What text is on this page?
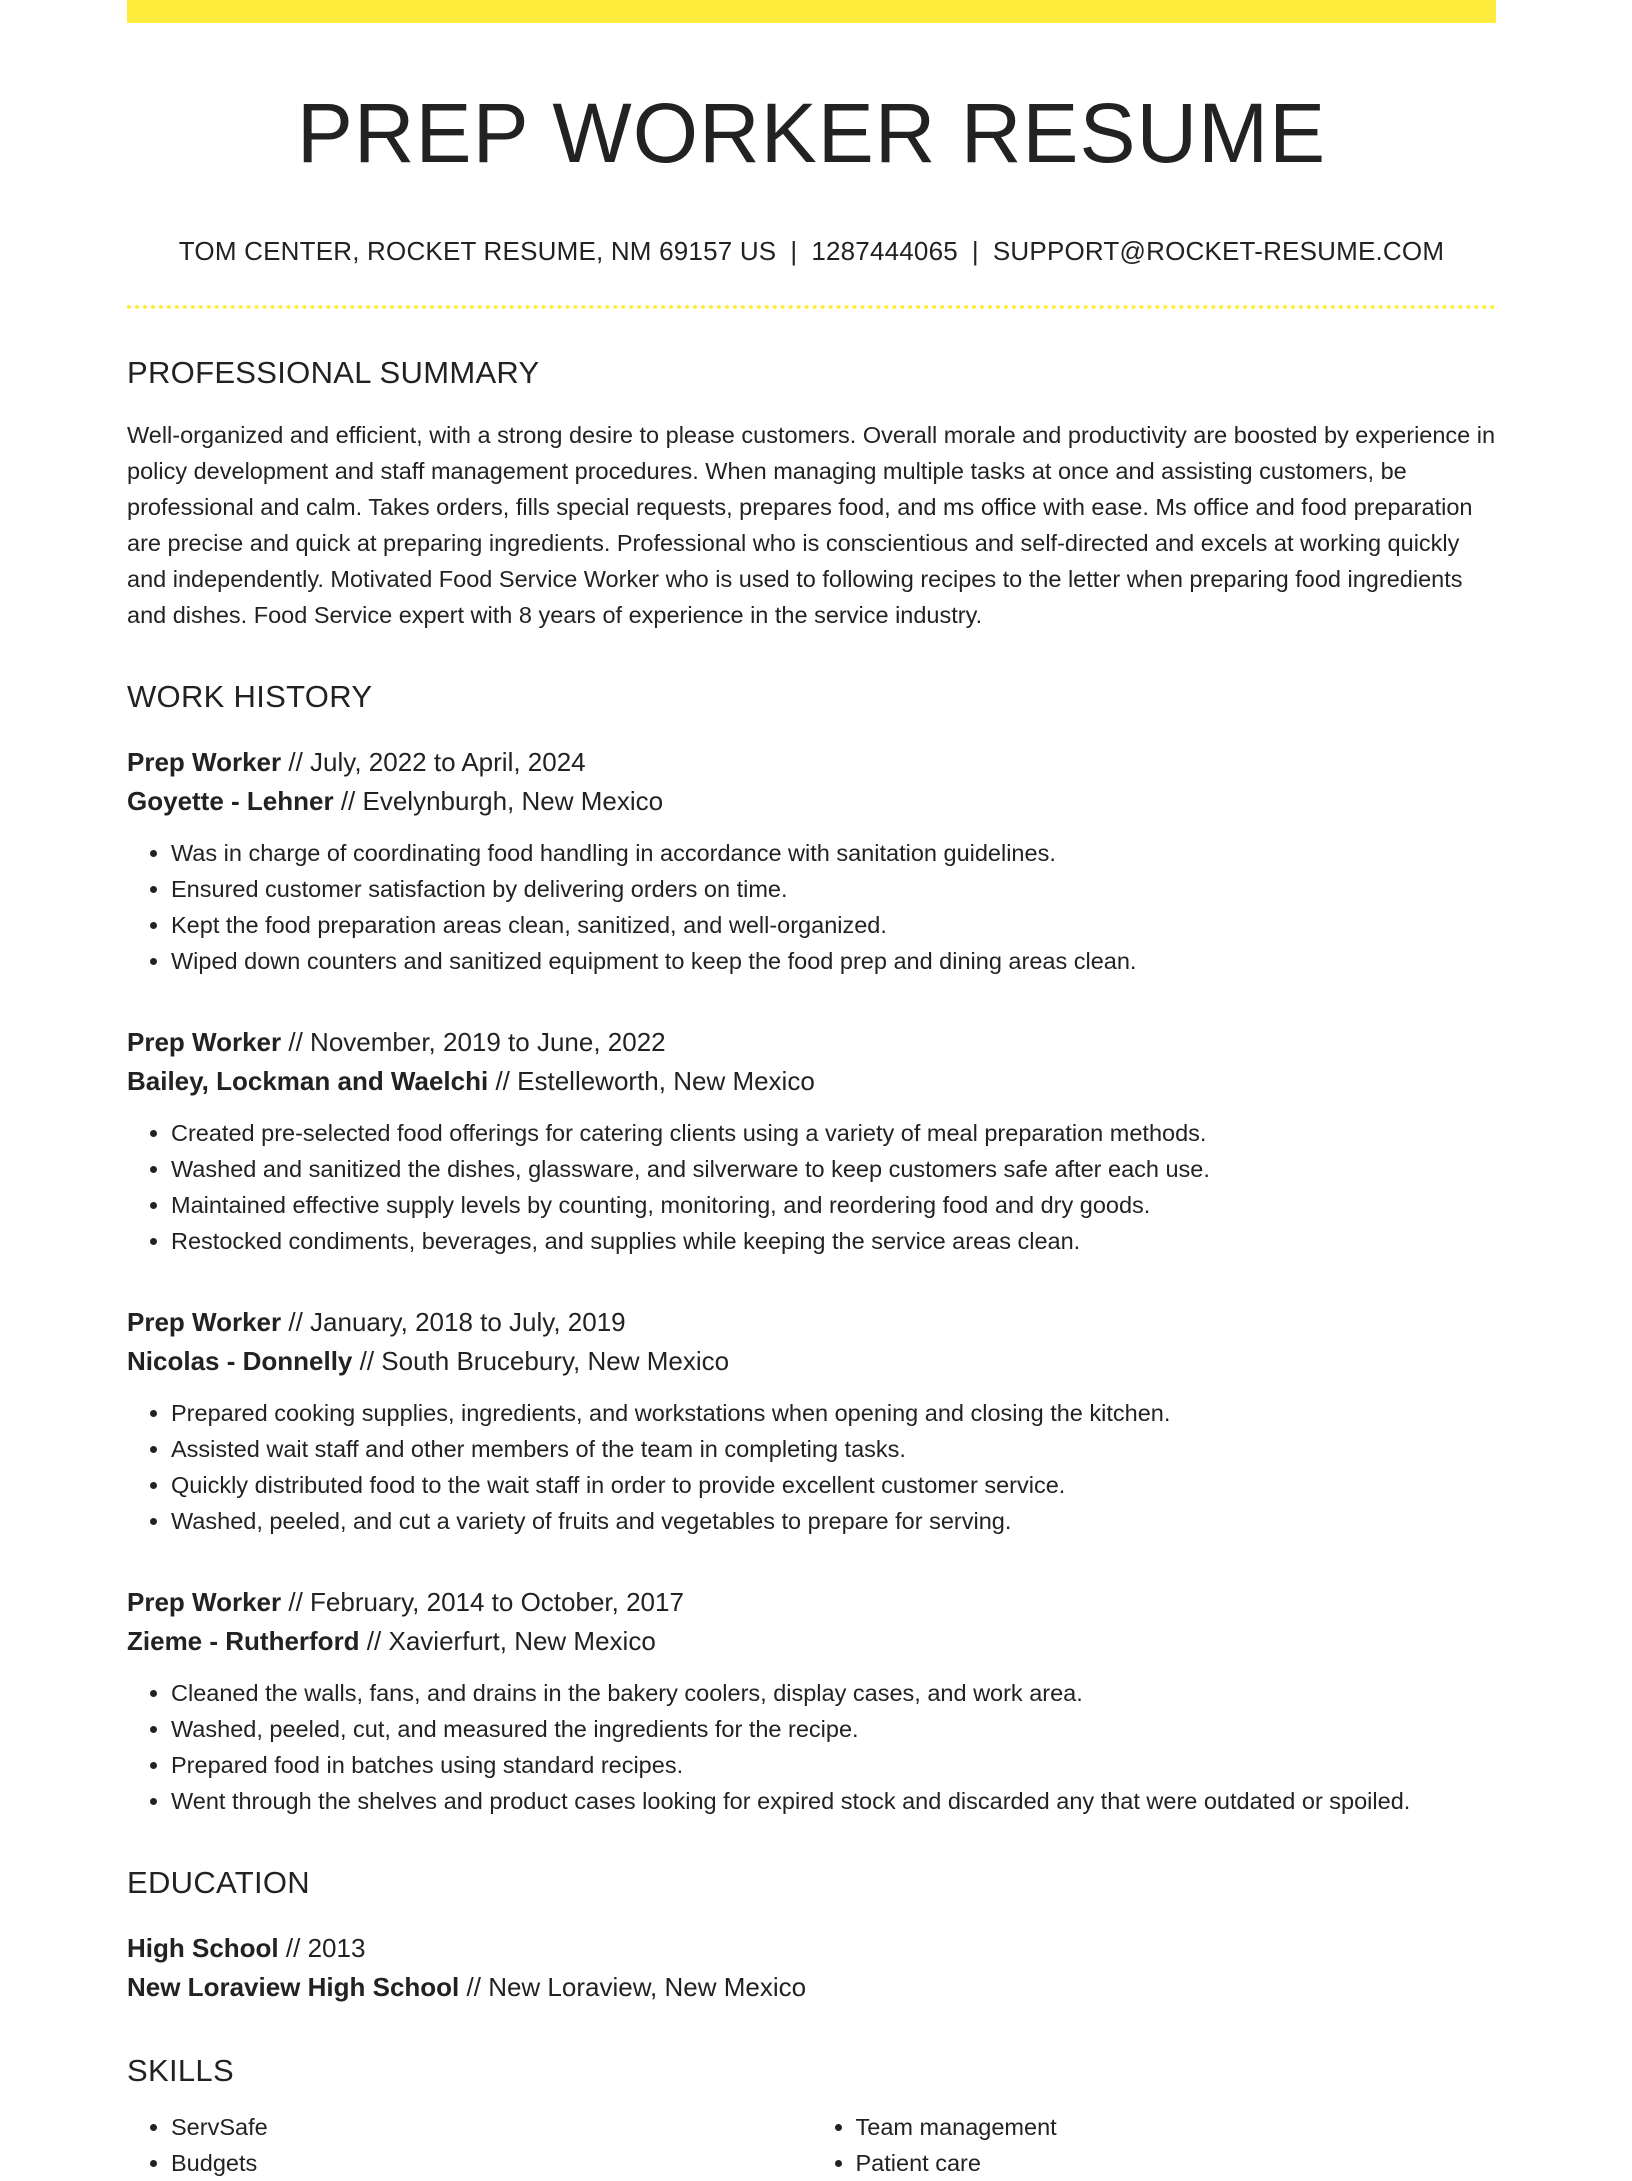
PREP WORKER RESUME
TOM CENTER, ROCKET RESUME, NM 69157 US | 1287444065 | SUPPORT@ROCKET-RESUME.COM
PROFESSIONAL SUMMARY
Well-organized and efficient, with a strong desire to please customers. Overall morale and productivity are boosted by experience in policy development and staff management procedures. When managing multiple tasks at once and assisting customers, be professional and calm. Takes orders, fills special requests, prepares food, and ms office with ease. Ms office and food preparation are precise and quick at preparing ingredients. Professional who is conscientious and self-directed and excels at working quickly and independently. Motivated Food Service Worker who is used to following recipes to the letter when preparing food ingredients and dishes. Food Service expert with 8 years of experience in the service industry.
WORK HISTORY
Prep Worker // July, 2022 to April, 2024
Goyette - Lehner // Evelynburgh, New Mexico
• Was in charge of coordinating food handling in accordance with sanitation guidelines.
• Ensured customer satisfaction by delivering orders on time.
• Kept the food preparation areas clean, sanitized, and well-organized.
• Wiped down counters and sanitized equipment to keep the food prep and dining areas clean.
Prep Worker // November, 2019 to June, 2022
Bailey, Lockman and Waelchi // Estelleworth, New Mexico
• Created pre-selected food offerings for catering clients using a variety of meal preparation methods.
• Washed and sanitized the dishes, glassware, and silverware to keep customers safe after each use.
• Maintained effective supply levels by counting, monitoring, and reordering food and dry goods.
• Restocked condiments, beverages, and supplies while keeping the service areas clean.
Prep Worker // January, 2018 to July, 2019
Nicolas - Donnelly // South Brucebury, New Mexico
• Prepared cooking supplies, ingredients, and workstations when opening and closing the kitchen.
• Assisted wait staff and other members of the team in completing tasks.
• Quickly distributed food to the wait staff in order to provide excellent customer service.
• Washed, peeled, and cut a variety of fruits and vegetables to prepare for serving.
Prep Worker // February, 2014 to October, 2017
Zieme - Rutherford // Xavierfurt, New Mexico
• Cleaned the walls, fans, and drains in the bakery coolers, display cases, and work area.
• Washed, peeled, cut, and measured the ingredients for the recipe.
• Prepared food in batches using standard recipes.
• Went through the shelves and product cases looking for expired stock and discarded any that were outdated or spoiled.
EDUCATION
High School // 2013
New Loraview High School // New Loraview, New Mexico
SKILLS
• ServSafe
• Budgets
• Team management
• Patient care
